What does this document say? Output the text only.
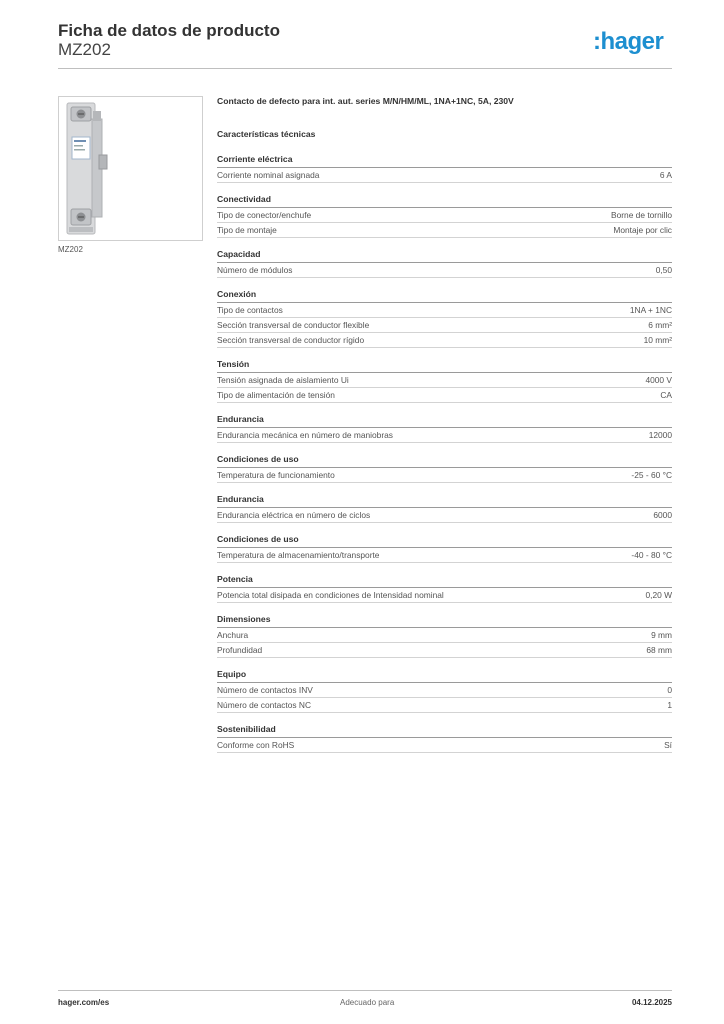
Ficha de datos de producto
MZ202	:hager
MZ202

Contacto de defecto para int. aut. series M/N/HM/ML, 1NA+1NC, 5A, 230V

Características técnicas

Corriente eléctrica
Corriente nominal asignada	6 A
Conectividad
Tipo de conector/enchufe	Borne de tornillo
Tipo de montaje	Montaje por clic
Capacidad
Número de módulos	0,50
Conexión
Tipo de contactos	1NA + 1NC
Sección transversal de conductor flexible	6 mm²
Sección transversal de conductor rígido	10 mm²
Tensión
Tensión asignada de aislamiento Ui	4000 V
Tipo de alimentación de tensión	CA
Endurancia
Endurancia mecánica en número de maniobras	12000
Condiciones de uso
Temperatura de funcionamiento	-25 - 60 °C
Endurancia
Endurancia eléctrica en número de ciclos	6000
Condiciones de uso
Temperatura de almacenamiento/transporte	-40 - 80 °C
Potencia
Potencia total disipada en condiciones de Intensidad nominal	0,20 W
Dimensiones
Anchura	9 mm
Profundidad	68 mm
Equipo
Número de contactos INV	0
Número de contactos NC	1
Sostenibilidad
Conforme con RoHS	Sí
hager.com/es	Adecuado para	04.12.2025
